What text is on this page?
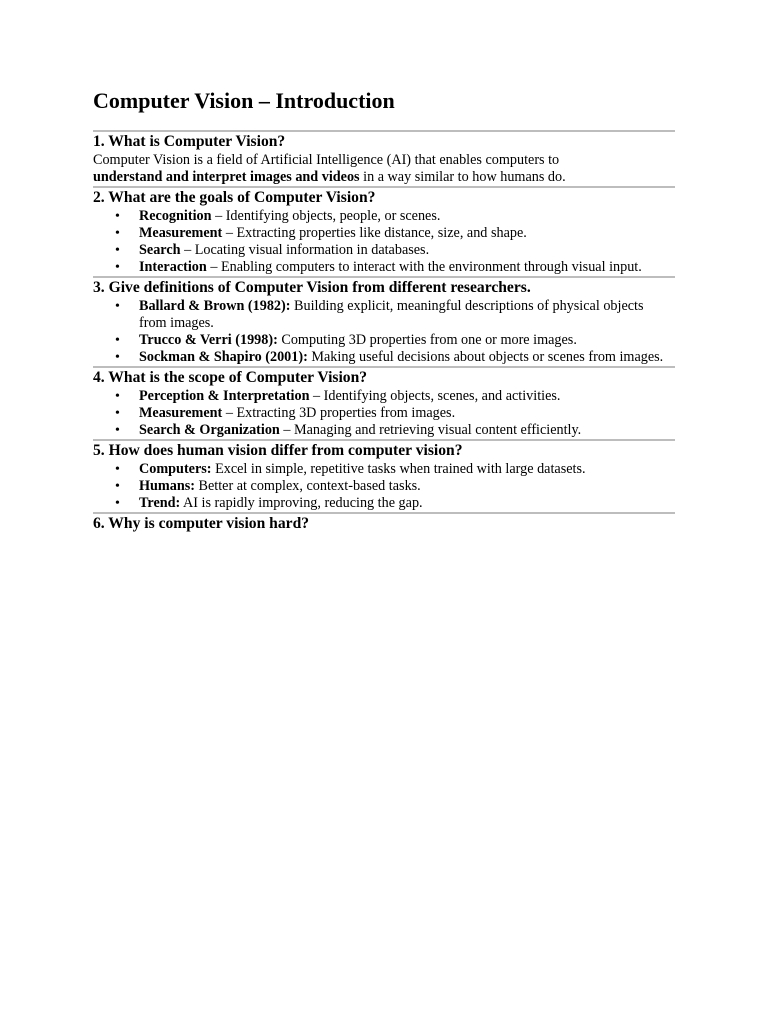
Computer Vision – Introduction
1. What is Computer Vision?

Computer Vision is a field of Artificial Intelligence (AI) that enables computers to
understand and interpret images and videos in a way similar to how humans do.

2. What are the goals of Computer Vision?
• Recognition – Identifying objects, people, or scenes.
• Measurement – Extracting properties like distance, size, and shape.
• Search – Locating visual information in databases.
• Interaction – Enabling computers to interact with the environment through visual input.
3. Give definitions of Computer Vision from different researchers.
• Ballard & Brown (1982): Building explicit, meaningful descriptions of physical objects from images.
• Trucco & Verri (1998): Computing 3D properties from one or more images.
• Sockman & Shapiro (2001): Making useful decisions about objects or scenes from images.
4. What is the scope of Computer Vision?
• Perception & Interpretation – Identifying objects, scenes, and activities.
• Measurement – Extracting 3D properties from images.
• Search & Organization – Managing and retrieving visual content efficiently.
5. How does human vision differ from computer vision?
• Computers: Excel in simple, repetitive tasks when trained with large datasets.
• Humans: Better at complex, context-based tasks.
• Trend: AI is rapidly improving, reducing the gap.
6. Why is computer vision hard?
